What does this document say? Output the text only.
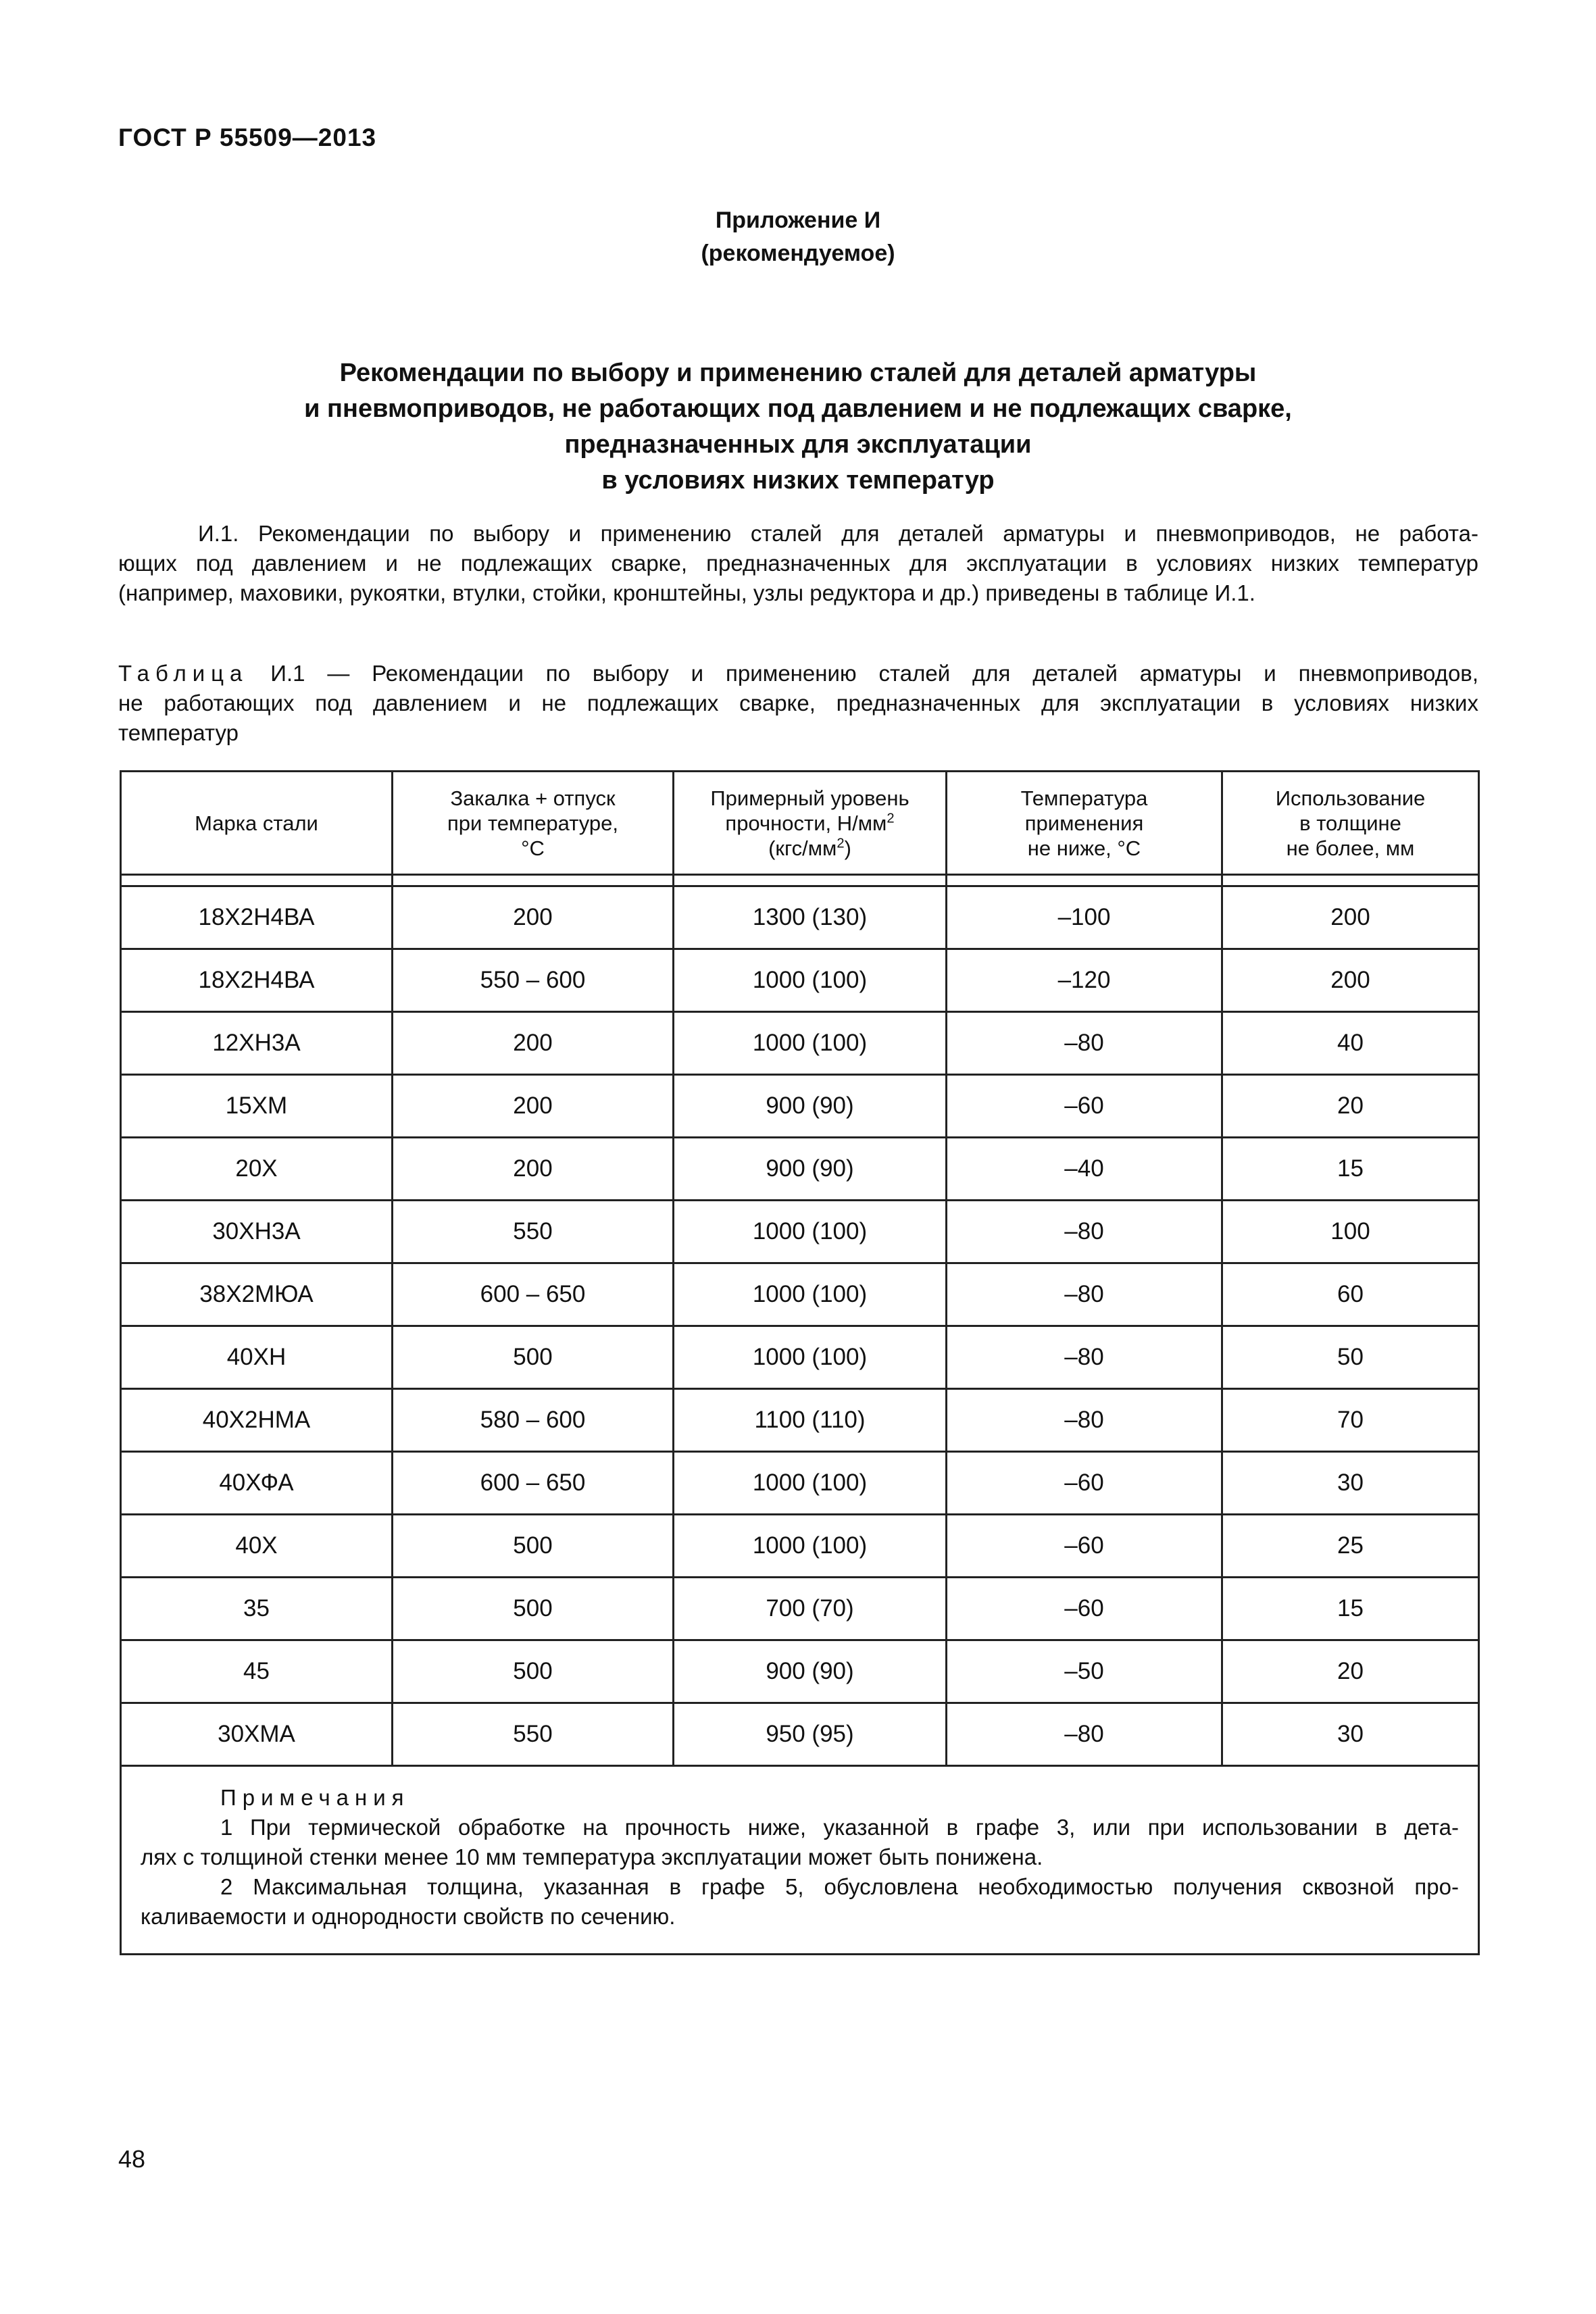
ГОСТ Р 55509—2013
Приложение И
(рекомендуемое)
Рекомендации по выбору и применению сталей для деталей арматуры
и пневмоприводов, не работающих под давлением и не подлежащих сварке,
предназначенных для эксплуатации
в условиях низких температур
И.1. Рекомендации по выбору и применению сталей для деталей арматуры и пневмоприводов, не работа-
ющих под давлением и не подлежащих сварке, предназначенных для эксплуатации в условиях низких температур
(например, маховики, рукоятки, втулки, стойки, кронштейны, узлы редуктора и др.) приведены в таблице И.1.
Таблица И.1 — Рекомендации по выбору и применению сталей для деталей арматуры и пневмоприводов,
не работающих под давлением и не подлежащих сварке, предназначенных для эксплуатации в условиях низких
температур
Марка стали	Закалка + отпуск
при температуре,
°С	Примерный уровень
прочности, $Н/мм^2$
$(кгс/мм^2)$	Температура
применения
не ниже, °С	Использование
в толщине
не более, мм

18Х2Н4ВА	200	1300 (130)	–100	200
18Х2Н4ВА	550 – 600	1000 (100)	–120	200
12ХН3А	200	1000 (100)	–80	40
15ХМ	200	900 (90)	–60	20
20Х	200	900 (90)	–40	15
30ХН3А	550	1000 (100)	–80	100
38Х2МЮА	600 – 650	1000 (100)	–80	60
40ХН	500	1000 (100)	–80	50
40Х2НМА	580 – 600	1100 (110)	–80	70
40ХФА	600 – 650	1000 (100)	–60	30
40Х	500	1000 (100)	–60	25
35	500	700 (70)	–60	15
45	500	900 (90)	–50	20
30ХМА	550	950 (95)	–80	30

Примечания
1 При термической обработке на прочность ниже, указанной в графе 3, или при использовании в дета-
лях с толщиной стенки менее 10 мм температура эксплуатации может быть понижена.
2 Максимальная толщина, указанная в графе 5, обусловлена необходимостью получения сквозной про-
каливаемости и однородности свойств по сечению.				
48
